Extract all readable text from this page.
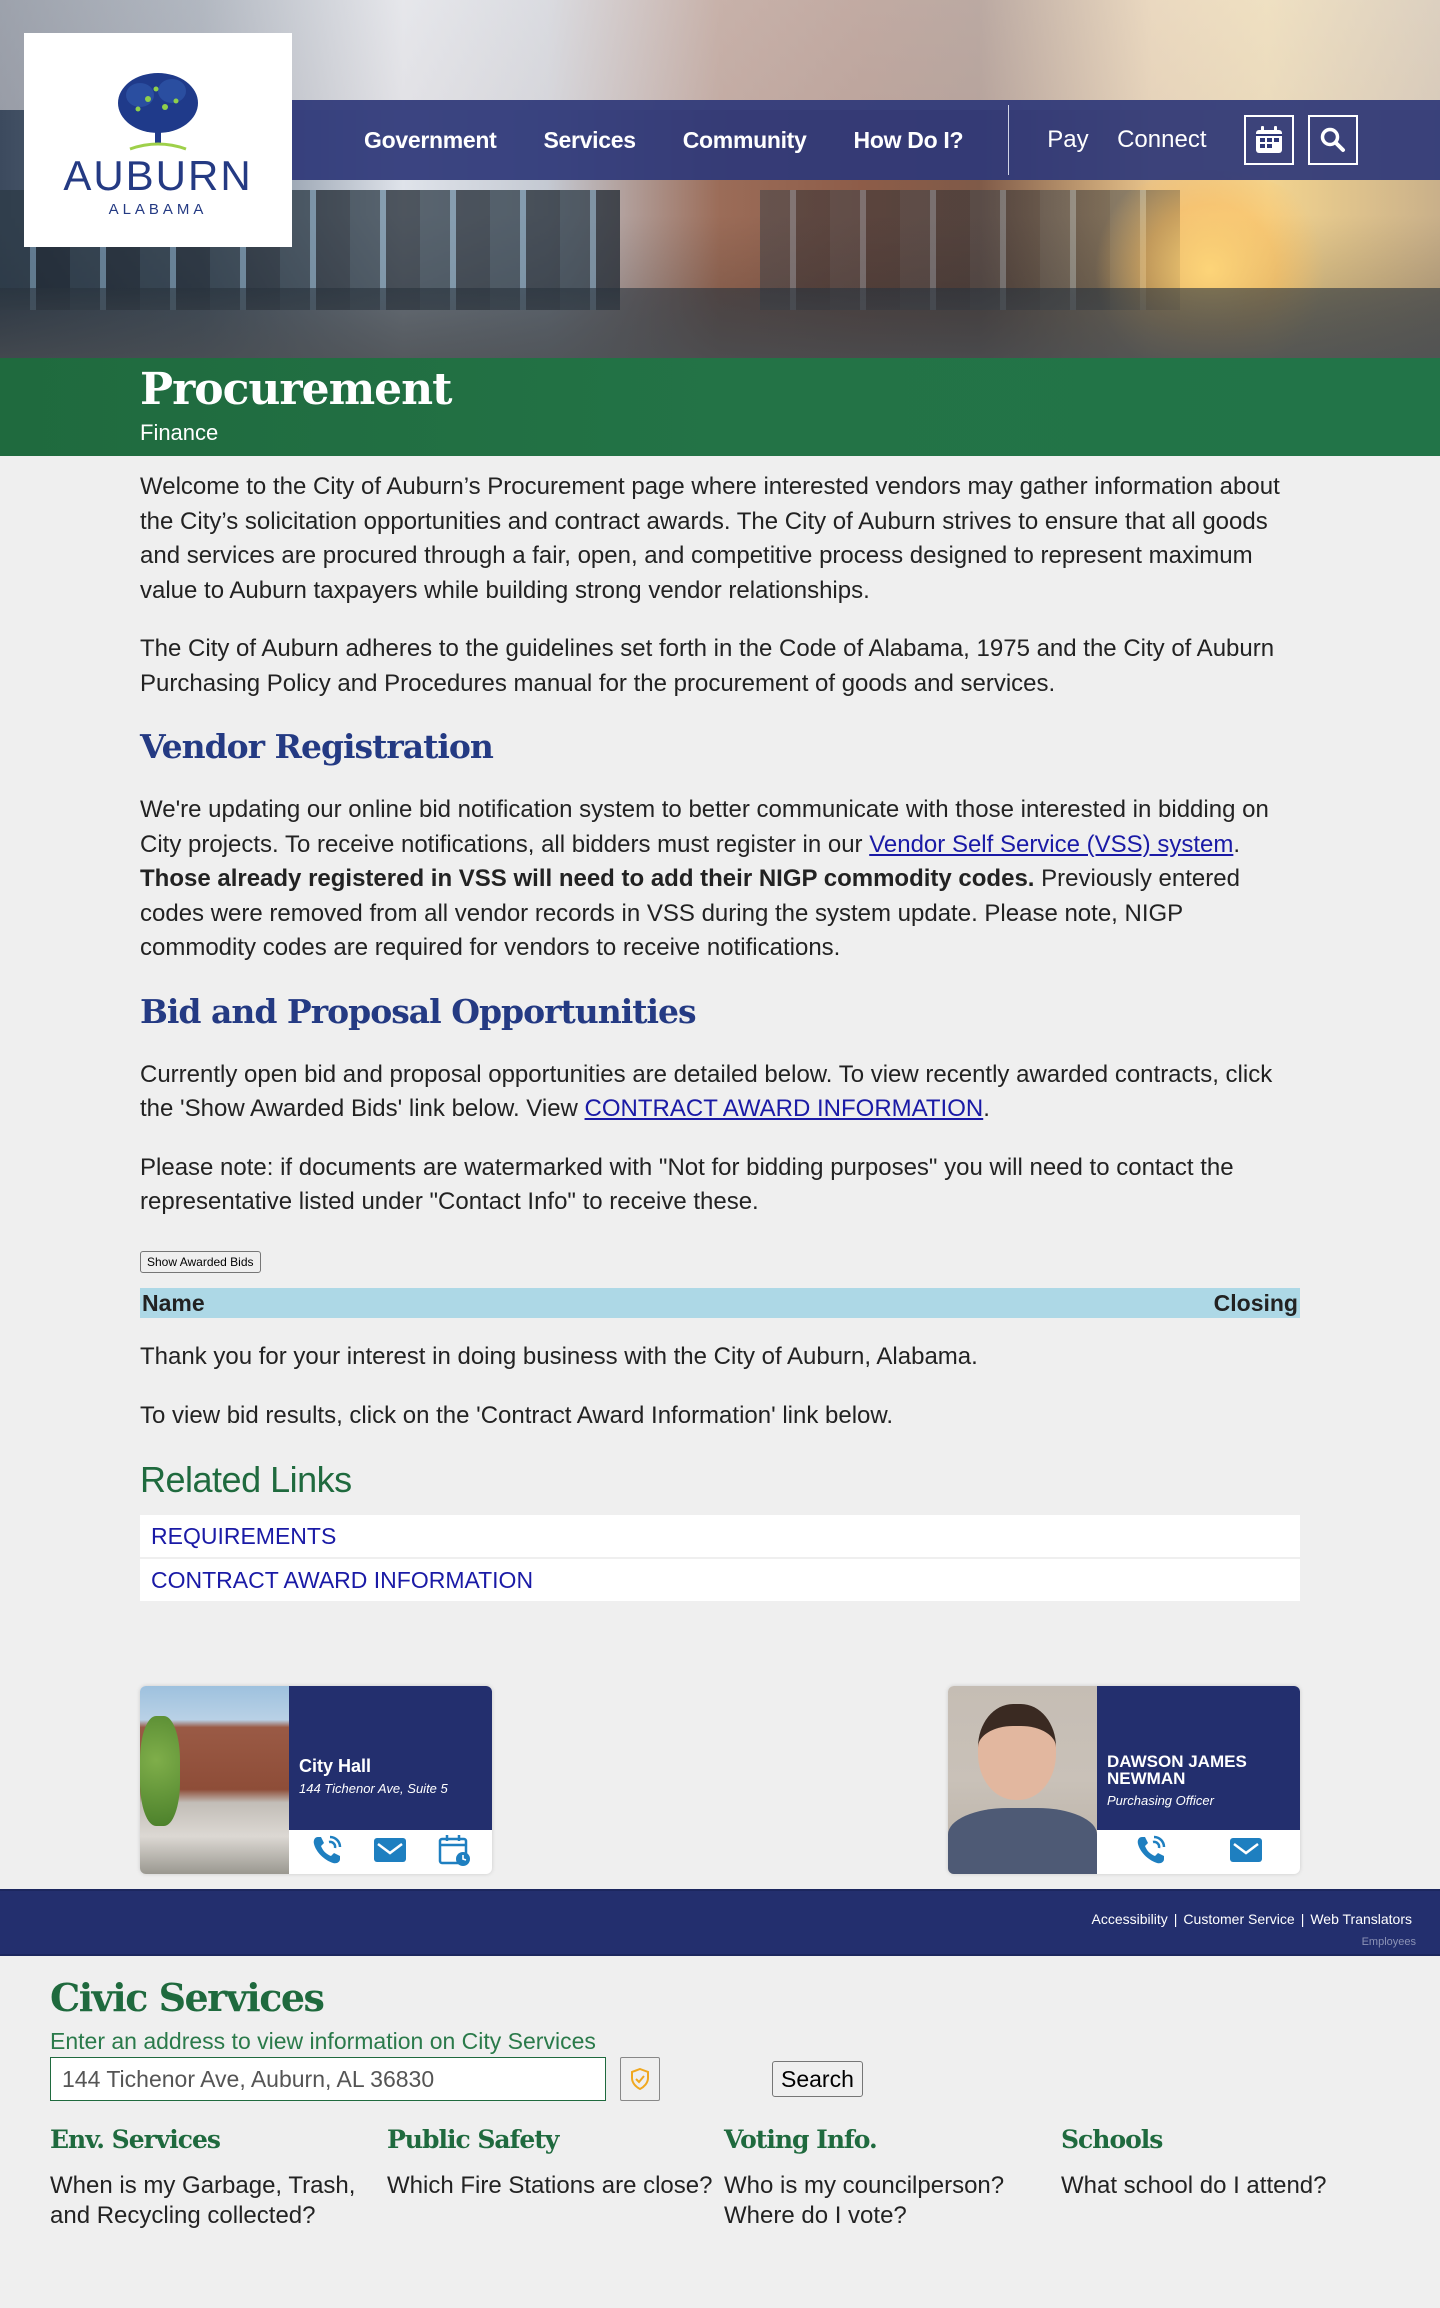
AUBURN
ALABAMA
Government Services Community How Do I?	Pay Connect
Procurement
Finance

Welcome to the City of Auburn’s Procurement page where interested vendors may gather information about the City’s solicitation opportunities and contract awards. The City of Auburn strives to ensure that all goods and services are procured through a fair, open, and competitive process designed to represent maximum value to Auburn taxpayers while building strong vendor relationships.

The City of Auburn adheres to the guidelines set forth in the Code of Alabama, 1975 and the City of Auburn Purchasing Policy and Procedures manual for the procurement of goods and services.

Vendor Registration

We're updating our online bid notification system to better communicate with those interested in bidding on City projects. To receive notifications, all bidders must register in our Vendor Self Service (VSS) system. Those already registered in VSS will need to add their NIGP commodity codes. Previously entered codes were removed from all vendor records in VSS during the system update. Please note, NIGP commodity codes are required for vendors to receive notifications.

Bid and Proposal Opportunities

Currently open bid and proposal opportunities are detailed below. To view recently awarded contracts, click the 'Show Awarded Bids' link below. View CONTRACT AWARD INFORMATION.

Please note: if documents are watermarked with "Not for bidding purposes" you will need to contact the representative listed under "Contact Info" to receive these.

Show Awarded Bids
Name	Closing

Thank you for your interest in doing business with the City of Auburn, Alabama.

To view bid results, click on the 'Contract Award Information' link below.

Related Links
REQUIREMENTS
CONTRACT AWARD INFORMATION
City Hall
144 Tichenor Ave, Suite 5
DAWSON JAMES NEWMAN
Purchasing Officer
Accessibility | Customer Service | Web Translators
Employees
Civic Services
Enter an address to view information on City Services
144 Tichenor Ave, Auburn, AL 36830
Search
Env. Services
When is my Garbage, Trash, and Recycling collected?
Public Safety
Which Fire Stations are close?
Voting Info.
Who is my councilperson?
Where do I vote?
Schools
What school do I attend?
